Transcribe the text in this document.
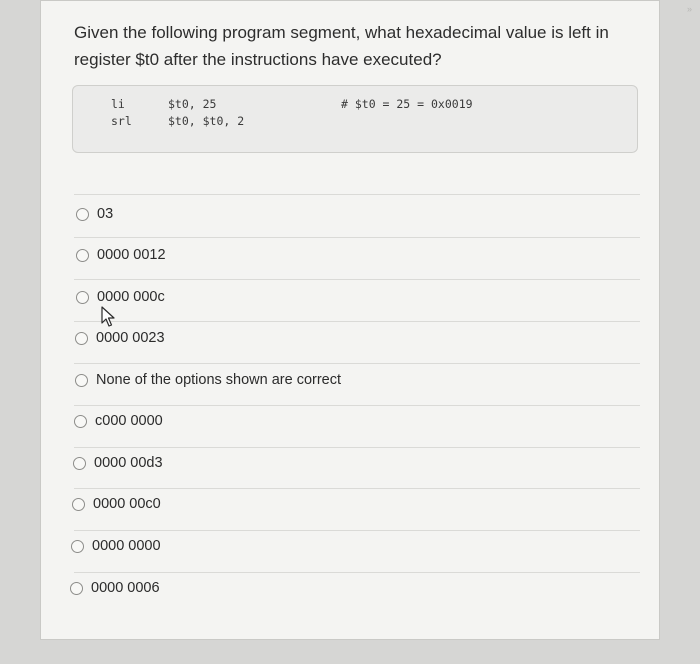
»
Given the following program segment, what hexadecimal value is left in register $t0 after the instructions have executed?
li	$t0, 25	# $t0 = 25 = 0x0019
srl	$t0, $t0, 2
03
0000 0012
0000 000c
0000 0023
None of the options shown are correct
c000 0000
0000 00d3
0000 00c0
0000 0000
0000 0006
